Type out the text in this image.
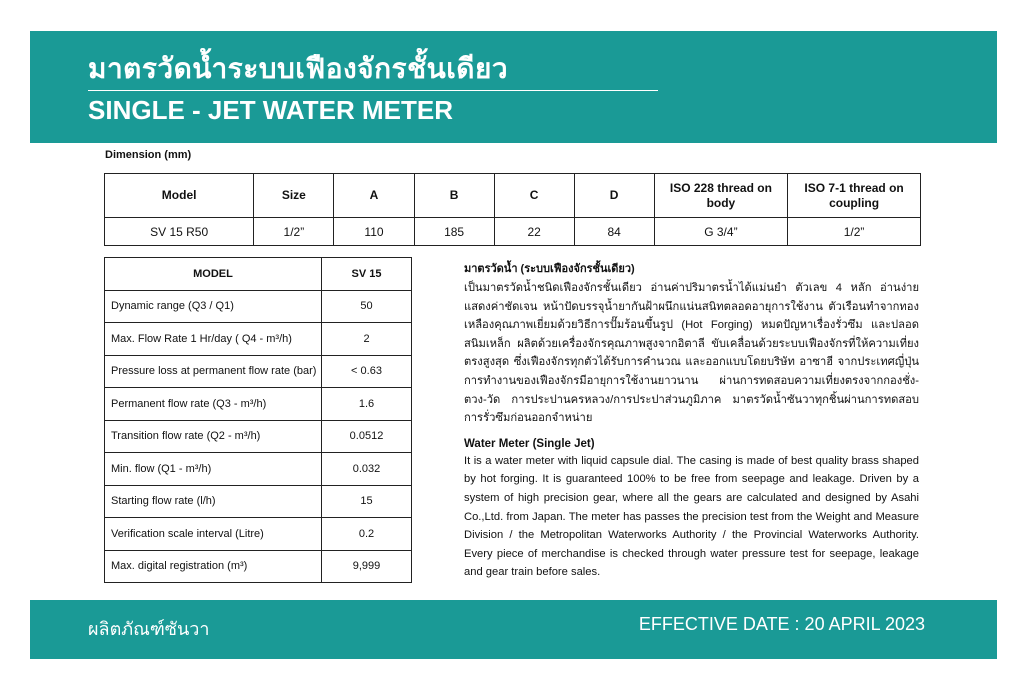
มาตรวัดน้ำระบบเฟืองจักรชั้นเดียว
SINGLE - JET WATER METER
Dimension (mm)
Model	Size	A	B	C	D	ISO 228 thread on body	ISO 7-1 thread on coupling
SV 15 R50	1/2”	110	185	22	84	G 3/4”	1/2”
MODEL	SV 15
Dynamic range (Q3 / Q1)	50
Max. Flow Rate 1 Hr/day ( Q4 - m³/h)	2
Pressure loss at permanent flow rate (bar)	< 0.63
Permanent flow rate (Q3 - m³/h)	1.6
Transition flow rate (Q2 - m³/h)	0.0512
Min. flow (Q1 - m³/h)	0.032
Starting flow rate (l/h)	15
Verification scale interval (Litre)	0.2
Max. digital registration (m³)	9,999

มาตรวัดน้ำ (ระบบเฟืองจักรชั้นเดียว)

เป็นมาตรวัดน้ำชนิดเฟืองจักรชั้นเดียว อ่านค่าปริมาตรน้ำได้แม่นยำ ตัวเลข 4 หลัก อ่านง่าย แสดงค่าชัดเจน หน้าปัดบรรจุน้ำยากันฝ้าผนึกแน่นสนิทตลอดอายุการใช้งาน ตัวเรือนทำจากทองเหลืองคุณภาพเยี่ยมด้วยวิธีการปั๊มร้อนขึ้นรูป (Hot Forging) หมดปัญหาเรื่องรั่วซึม และปลอดสนิมเหล็ก ผลิตด้วยเครื่องจักรคุณภาพสูงจากอิตาลี ขับเคลื่อนด้วยระบบเฟืองจักรที่ให้ความเที่ยงตรงสูงสุด ซึ่งเฟืองจักรทุกตัวได้รับการคำนวณ และออกแบบโดยบริษัท อาซาฮี จากประเทศญี่ปุ่น การทำงานของเฟืองจักรมีอายุการใช้งานยาวนาน ผ่านการทดสอบความเที่ยงตรงจากกองชั่ง-ตวง-วัด การประปานครหลวง/การประปาส่วนภูมิภาค มาตรวัดน้ำซันวาทุกชิ้นผ่านการทดสอบการรั่วซึมก่อนออกจำหน่าย

Water Meter (Single Jet)

It is a water meter with liquid capsule dial. The casing is made of best quality brass shaped by hot forging. It is guaranteed 100% to be free from seepage and leakage. Driven by a system of high precision gear, where all the gears are calculated and designed by Asahi Co.,Ltd. from Japan. The meter has passes the precision test from the Weight and Measure Division / the Metropolitan Waterworks Authority / the Provincial Waterworks Authority. Every piece of merchandise is checked through water pressure test for seepage, leakage and gear train before sales.

ผลิตภัณฑ์ซันวา	EFFECTIVE DATE : 20 APRIL 2023
